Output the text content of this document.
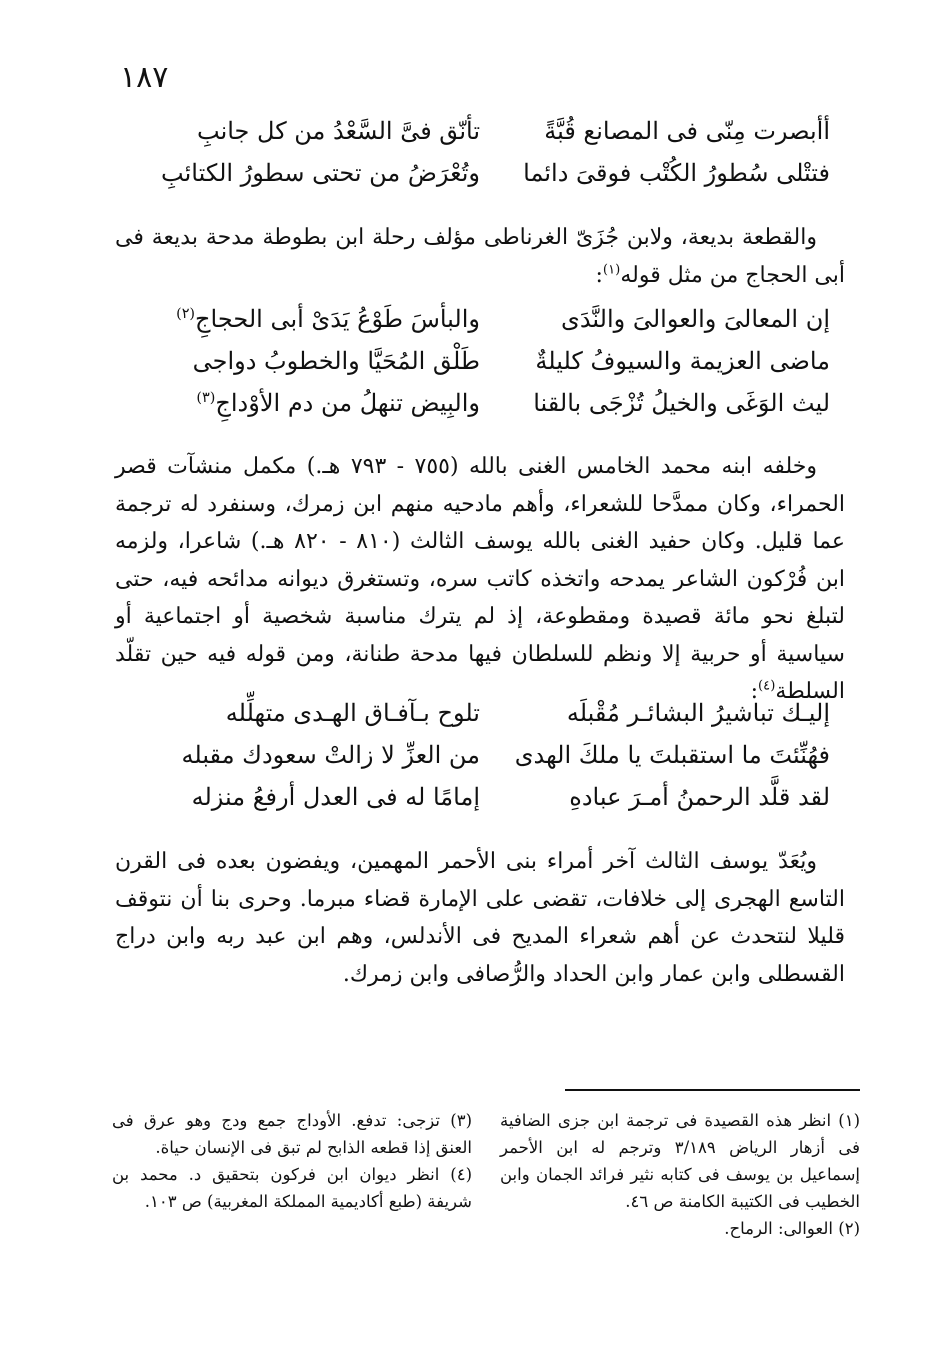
١٨٧
أأبصرت مِنّى فى المصانع قُبَّةً
تأنّق فىَّ السَّعْدُ من كل جانبِ
فتتْلى سُطورُ الكُتْب فوقىَ دائما
وتُعْرَضُ من تحتى سطورُ الكتائبِ

والقطعة بديعة، ولابن جُزَىّ الغرناطى مؤلف رحلة ابن بطوطة مدحة بديعة فى أبى الحجاج من مثل قوله$^{(١)}$:

إن المعالىَ والعوالىَ والنَّدَى
والبأسَ طَوْعُ يَدَىْ أبى الحجاجِ$^{(٢)}$
ماضى العزيمة والسيوفُ كليلةٌ
طَلْق المُحَيَّا والخطوبُ دواجى
ليث الوَغَى والخيلُ تُزْجَى بالقنا
والبِيض تنهلُ من دم الأوْداجِ$^{(٣)}$

وخلفه ابنه محمد الخامس الغنى بالله (٧٥٥ - ٧٩٣ هـ.) مكمل منشآت قصر الحمراء، وكان ممدَّحا للشعراء، وأهم مادحيه منهم ابن زمرك، وسنفرد له ترجمة عما قليل. وكان حفيد الغنى بالله يوسف الثالث (٨١٠ - ٨٢٠ هـ.) شاعرا، ولزمه ابن فُرْكون الشاعر يمدحه واتخذه كاتب سره، وتستغرق ديوانه مدائحه فيه، حتى لتبلغ نحو مائة قصيدة ومقطوعة، إذ لم يترك مناسبة شخصية أو اجتماعية أو سياسية أو حربية إلا ونظم للسلطان فيها مدحة طنانة، ومن قوله فيه حين تقلّد السلطة$^{(٤)}$:

إليـك تباشيرُ البشائـر مُقْبلَه
تلوح بـآفـاق الهـدى متهلِّله
فهُنِّئتَ ما استقبلتَ يا ملكَ الهدى
من العزِّ لا زالتْ سعودك مقبله
لقد قلَّد الرحمنُ أمـرَ عبادهِ
إمامًا له فى العدل أرفعُ منزله

ويُعَدّ يوسف الثالث آخر أمراء بنى الأحمر المهمين، ويفضون بعده فى القرن التاسع الهجرى إلى خلافات، تقضى على الإمارة قضاء مبرما. وحرى بنا أن نتوقف قليلا لنتحدث عن أهم شعراء المديح فى الأندلس، وهم ابن عبد ربه وابن دراج القسطلى وابن عمار وابن الحداد والرُّصافى وابن زمرك.

(١) انظر هذه القصيدة فى ترجمة ابن جزى الضافية فى أزهار الرياض ٣/١٨٩ وترجم له ابن الأحمر إسماعيل بن يوسف فى كتابه نثير فرائد الجمان وابن الخطيب فى الكتيبة الكامنة ص ٤٦.

(٢) العوالى: الرماح.

(٣) تزجى: تدفع. الأوداج جمع ودج وهو عرق فى العنق إذا قطعه الذابح لم تبق فى الإنسان حياة.

(٤) انظر ديوان ابن فركون بتحقيق د. محمد بن شريفة (طبع أكاديمية المملكة المغربية) ص ١٠٣.
